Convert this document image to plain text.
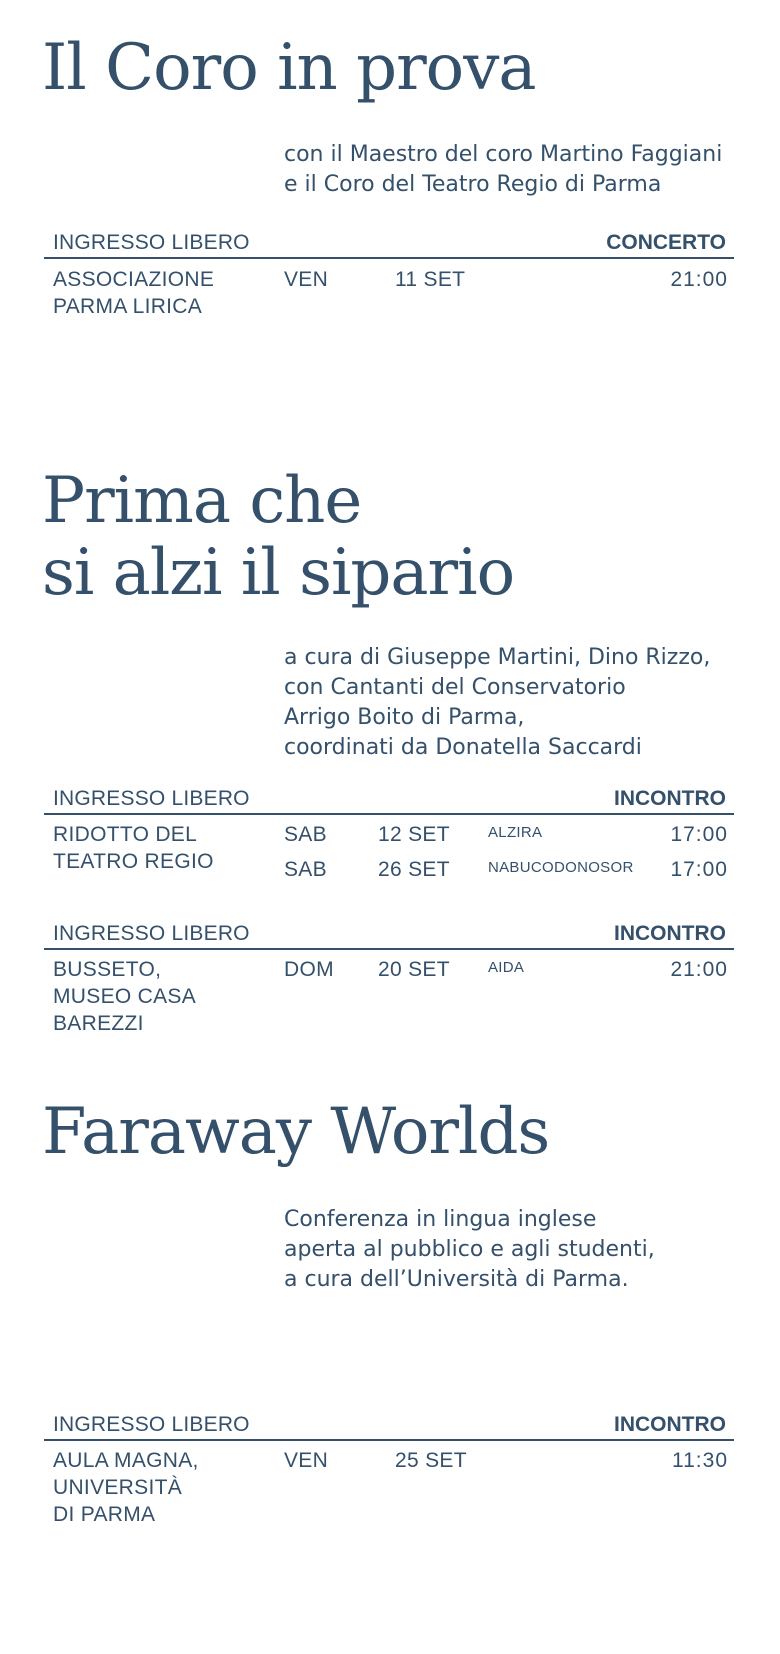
Il Coro in prova

con il Maestro del coro Martino Faggiani
e il Coro del Teatro Regio di Parma

INGRESSO LIBERO	CONCERTO
ASSOCIAZIONE
PARMA LIRICA
VEN	11 SET	21:00
Prima che
si alzi il sipario

a cura di Giuseppe Martini, Dino Rizzo,
con Cantanti del Conservatorio
Arrigo Boito di Parma,
coordinati da Donatella Saccardi

INGRESSO LIBERO	INCONTRO
RIDOTTO DEL
TEATRO REGIO
SAB 12 SET	ALZIRA	17:00
SAB 26 SET	NABUCODONOSOR 17:00
INGRESSO LIBERO	INCONTRO
BUSSETO,
MUSEO CASA
BAREZZI
DOM 20 SET	AIDA	21:00
Faraway Worlds

Conferenza in lingua inglese
aperta al pubblico e agli studenti,
a cura dell’Università di Parma.

INGRESSO LIBERO	INCONTRO
AULA MAGNA,
UNIVERSITÀ
DI PARMA
VEN	25 SET	11:30
